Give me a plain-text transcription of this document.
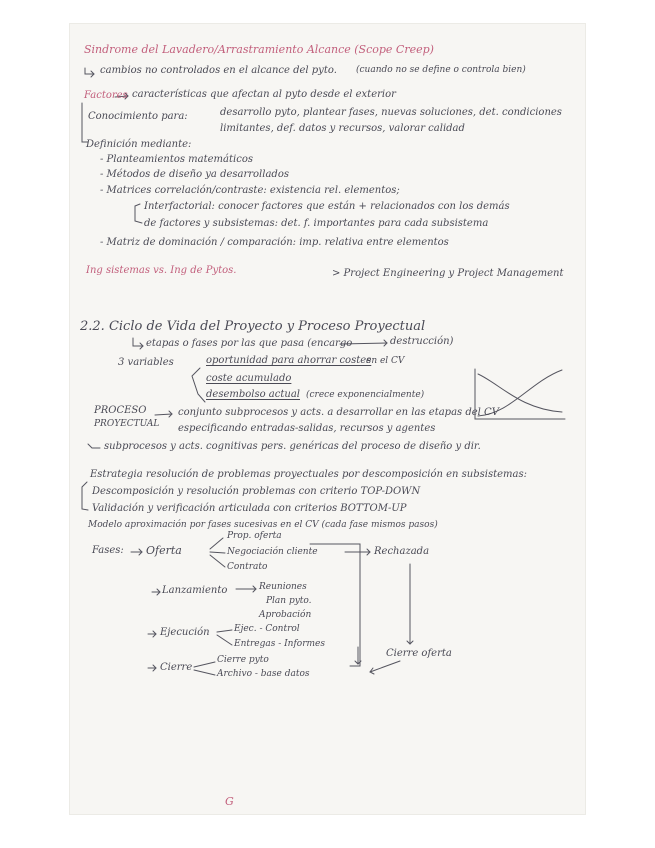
Sindrome del Lavadero/Arrastramiento Alcance (Scope Creep)
cambios no controlados en el alcance del pyto. (cuando no se define o controla bien)
Factores características que afectan al pyto desde el exterior
Conocimiento para:	desarrollo pyto, plantear fases, nuevas soluciones, det. condiciones
limitantes, def. datos y recursos, valorar calidad
Definición mediante:
- Planteamientos matemáticos
- Métodos de diseño ya desarrollados
- Matrices correlación/contraste: existencia rel. elementos;
Interfactorial: conocer factores que están + relacionados con los demás
de factores y subsistemas: det. f. importantes para cada subsistema
- Matriz de dominación / comparación: imp. relativa entre elementos
Ing sistemas vs. Ing de Pytos.	> Project Engineering y Project Management
2.2. Ciclo de Vida del Proyecto y Proceso Proyectual
etapas o fases por las que pasa (encargo	destrucción)
3 variables	oportunidad para ahorrar costes
en el CV
coste acumulado
desembolso actual (crece exponencialmente)
PROCESO
PROYECTUAL
conjunto subprocesos y acts. a desarrollar en las etapas del CV
especificando entradas-salidas, recursos y agentes
subprocesos y acts. cognitivas pers. genéricas del proceso de diseño y dir.
Estrategia resolución de problemas proyectuales por descomposición en subsistemas:
Descomposición y resolución problemas con criterio TOP-DOWN
Validación y verificación articulada con criterios BOTTOM-UP
Modelo aproximación por fases sucesivas en el CV (cada fase mismos pasos)
Fases: Oferta
Prop. oferta
Negociación cliente
Contrato
Rechazada
Lanzamiento	Reuniones
Plan pyto.
Aprobación
Ejecución	Ejec. - Control
Entregas - Informes
Cierre oferta
Cierre
Cierre pyto
Archivo - base datos
G
